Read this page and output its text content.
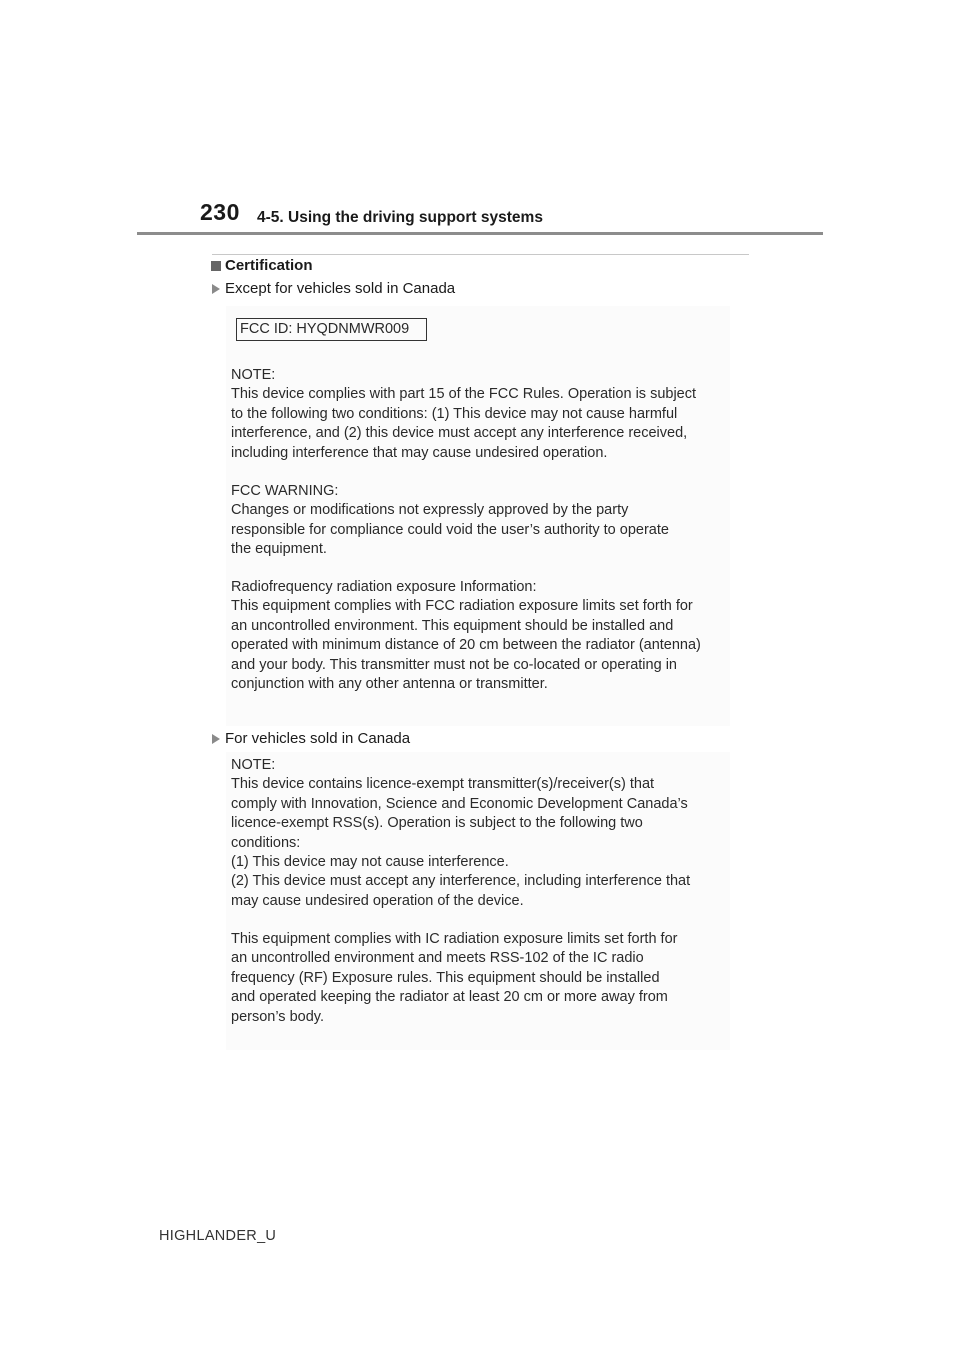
230 4-5. Using the driving support systems
Certification
Except for vehicles sold in Canada
FCC ID: HYQDNMWR009

NOTE:
This device complies with part 15 of the FCC Rules. Operation is subject
to the following two conditions: (1) This device may not cause harmful
interference, and (2) this device must accept any interference received,
including interference that may cause undesired operation.

FCC WARNING:
Changes or modifications not expressly approved by the party
responsible for compliance could void the user’s authority to operate
the equipment.

Radiofrequency radiation exposure Information:
This equipment complies with FCC radiation exposure limits set forth for
an uncontrolled environment. This equipment should be installed and
operated with minimum distance of 20 cm between the radiator (antenna)
and your body. This transmitter must not be co-located or operating in
conjunction with any other antenna or transmitter.

For vehicles sold in Canada

NOTE:
This device contains licence-exempt transmitter(s)/receiver(s) that
comply with Innovation, Science and Economic Development Canada’s
licence-exempt RSS(s). Operation is subject to the following two
conditions:
(1) This device may not cause interference.
(2) This device must accept any interference, including interference that
may cause undesired operation of the device.

This equipment complies with IC radiation exposure limits set forth for
an uncontrolled environment and meets RSS-102 of the IC radio
frequency (RF) Exposure rules. This equipment should be installed
and operated keeping the radiator at least 20 cm or more away from
person’s body.

HIGHLANDER_U
